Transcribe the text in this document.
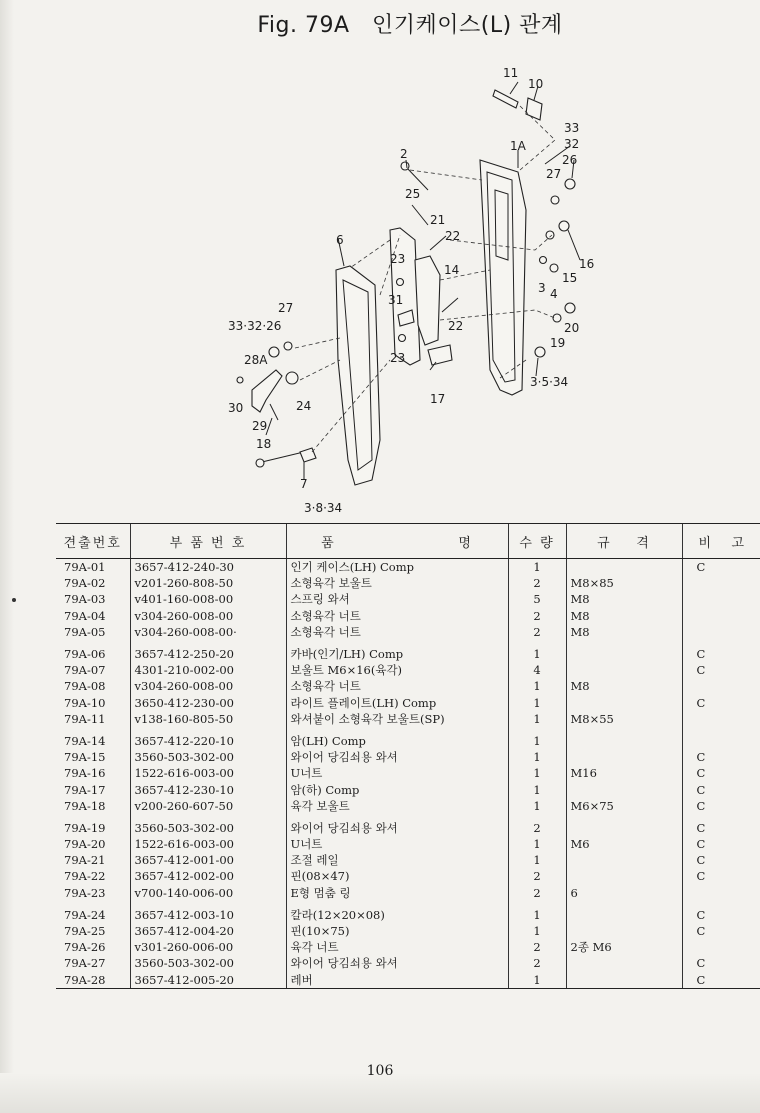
Fig. 79A 인기케이스(L) 관계
11
10
33
32
26
27
2
1A
25
21
22
6
23
14	16
15
3 4
31
22	20
19
33·32·26
27
23
28A
17
3·5·34
30	24
29
18
7
3·8·34
견출번호	부 품 번 호	품                    명	수 량	규    격	비   고
79A-01	3657-412-240-30	인기 케이스(LH) Comp	1		C
79A-02	v201-260-808-50	소형육각 보울트	2	M8×85	
79A-03	v401-160-008-00	스프링 와셔	5	M8	
79A-04	v304-260-008-00	소형육각 너트	2	M8	
79A-05	v304-260-008-00·	소형육각 너트	2	M8	
79A-06	3657-412-250-20	카바(인기/LH) Comp	1		C
79A-07	4301-210-002-00	보울트 M6×16(육각)	4		C
79A-08	v304-260-008-00	소형육각 너트	1	M8	
79A-10	3650-412-230-00	라이트 플레이트(LH) Comp	1		C
79A-11	v138-160-805-50	와셔붙이 소형육각 보울트(SP)	1	M8×55	
79A-14	3657-412-220-10	암(LH) Comp	1		
79A-15	3560-503-302-00	와이어 당김쇠용 와셔	1		C
79A-16	1522-616-003-00	U너트	1	M16	C
79A-17	3657-412-230-10	암(하) Comp	1		C
79A-18	v200-260-607-50	육각 보울트	1	M6×75	C
79A-19	3560-503-302-00	와이어 당김쇠용 와셔	2		C
79A-20	1522-616-003-00	U너트	1	M6	C
79A-21	3657-412-001-00	조절 레일	1		C
79A-22	3657-412-002-00	핀(08×47)	2		C
79A-23	v700-140-006-00	E형 멈춤 링	2	6	
79A-24	3657-412-003-10	칼라(12×20×08)	1		C
79A-25	3657-412-004-20	핀(10×75)	1		C
79A-26	v301-260-006-00	육각 너트	2	2종 M6	
79A-27	3560-503-302-00	와이어 당김쇠용 와셔	2		C
79A-28	3657-412-005-20	레버	1		C
106
